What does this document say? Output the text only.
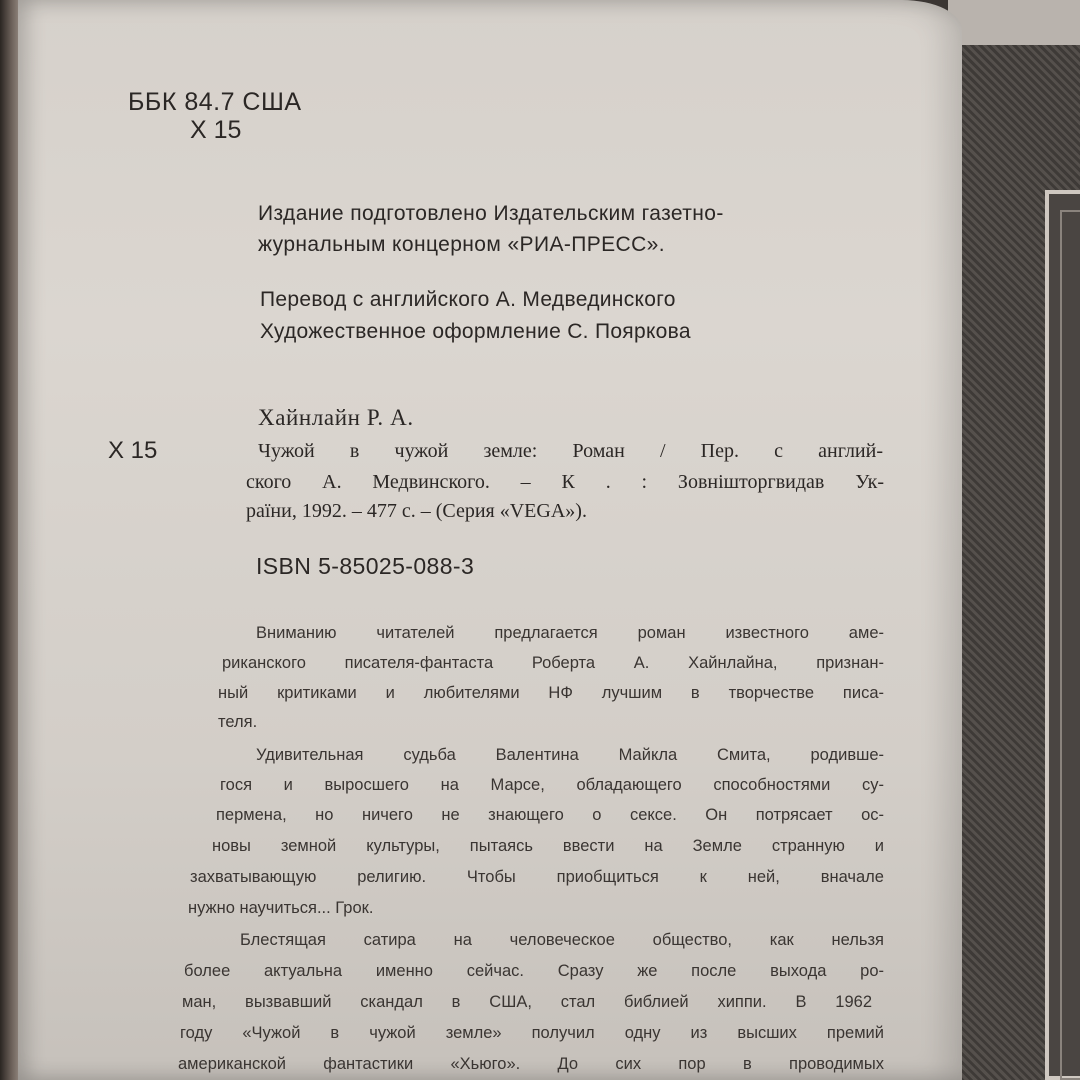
ББК 84.7 США
Х 15
Издание подготовлено Издательским газетно-
журнальным концерном «РИА-ПРЕСС».
Перевод с английского А. Медвединского
Художественное оформление С. Пояркова
Хайнлайн Р. А.
Х 15	Чужой в чужой земле: Роман / Пер. с англий-
ского А. Медвинского. – К . : Зовнiшторгвидав Ук-
раїни, 1992. – 477 с. – (Серия «VEGA»).
ISBN 5-85025-088-3
Вниманию читателей предлагается роман известного аме-
риканского писателя-фантаста Роберта А. Хайнлайна, признан-
ный критиками и любителями НФ лучшим в творчестве писа-
теля.
Удивительная судьба Валентина Майкла Смита, родивше-
гося и выросшего на Марсе, обладающего способностями су-
пермена, но ничего не знающего о сексе. Он потрясает ос-
новы земной культуры, пытаясь ввести на Земле странную и
захватывающую религию. Чтобы приобщиться к ней, вначале
нужно научиться... Грок.
Блестящая сатира на человеческое общество, как нельзя
более актуальна именно сейчас. Сразу же после выхода ро-
ман, вызвавший скандал в США, стал библией хиппи. В 1962
году «Чужой в чужой земле» получил одну из высших премий
американской фантастики «Хьюго». До сих пор в проводимых
